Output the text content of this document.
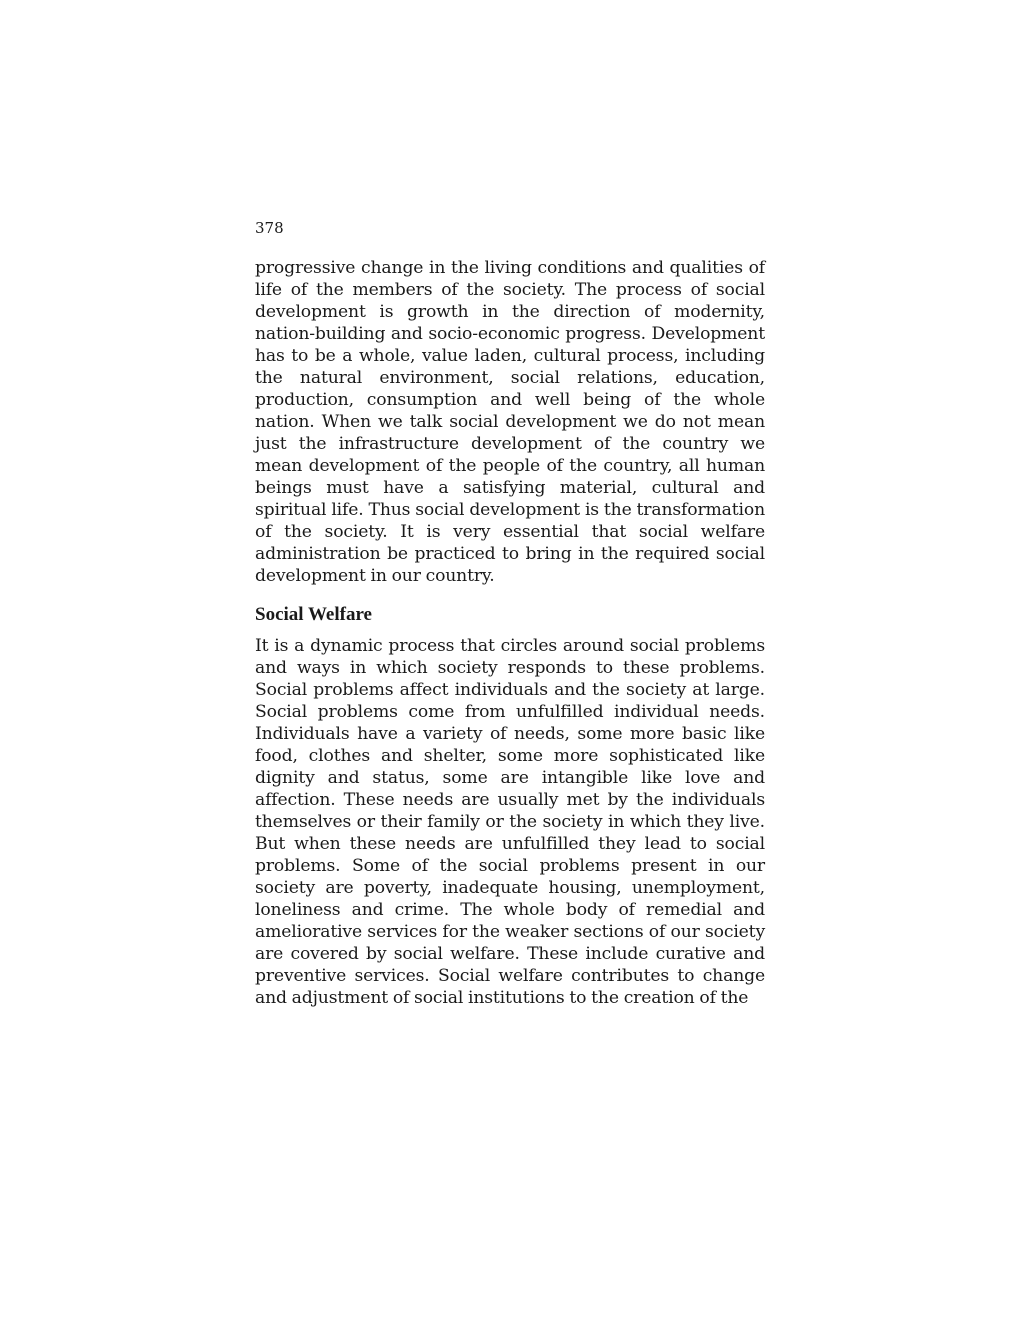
378

progressive change in the living conditions and qualities of life of the members of the society. The process of social development is growth in the direction of modernity, nation-building and socio-economic progress. Development has to be a whole, value laden, cultural process, including the natural environment, social relations, education, production, consumption and well being of the whole nation. When we talk social development we do not mean just the infrastructure development of the country we mean development of the people of the country, all human beings must have a satisfying material, cultural and spiritual life. Thus social development is the transformation of the society. It is very essential that social welfare administration be practiced to bring in the required social development in our country.

Social Welfare

It is a dynamic process that circles around social problems and ways in which society responds to these problems. Social problems affect individuals and the society at large. Social problems come from unfulfilled individual needs. Individuals have a variety of needs, some more basic like food, clothes and shelter, some more sophisticated like dignity and status, some are intangible like love and affection. These needs are usually met by the individuals themselves or their family or the society in which they live. But when these needs are unfulfilled they lead to social problems. Some of the social problems present in our society are poverty, inadequate housing, unemployment, loneliness and crime. The whole body of remedial and ameliorative services for the weaker sections of our society are covered by social welfare. These include curative and preventive services. Social welfare contributes to change and adjustment of social institutions to the creation of the
